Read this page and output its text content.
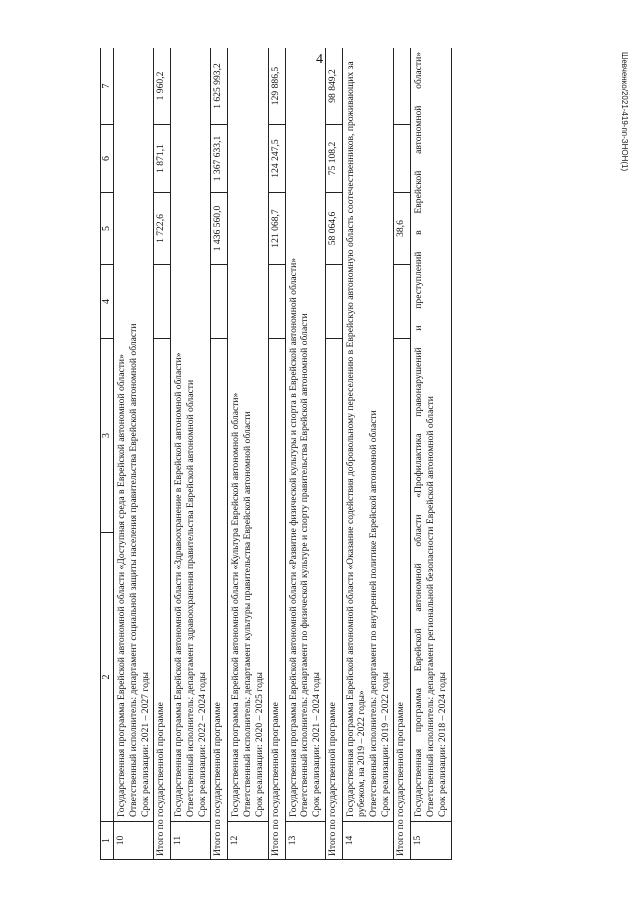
4	Шевченко/2021-419-пп-ЗНОН(1)
1	2	3	4	5	6	7
10	Государственная программа Еврейской автономной области «Доступная среда в Еврейской автономной области» Ответственный исполнитель: департамент социальной защиты населения правительства Еврейской автономной области Срок реализации: 2021 – 2027 годы					

Итого по государственной программе				1 722,6	1 871,1	1 960,2
11	Государственная программа Еврейской автономной области «Здравоохранение в Еврейской автономной области» Ответственный исполнитель: департамент здравоохранения правительства Еврейской автономной области Срок реализации: 2022 – 2024 годы					

Итого по государственной программе				1 436 560,0	1 367 633,1	1 625 993,2
12	Государственная программа Еврейской автономной области «Культура Еврейской автономной области» Ответственный исполнитель: департамент культуры правительства Еврейской автономной области Срок реализации: 2020 – 2025 годы					

Итого по государственной программе				121 068,7	124 247,5	129 886,5
13	Государственная программа Еврейской автономной области «Развитие физической культуры и спорта в Еврейской автономной области» Ответственный исполнитель: департамент по физической культуре и спорту правительства Еврейской автономной области Срок реализации: 2021 – 2024 годы					

Итого по государственной программе				58 064,6	75 108,2	98 849,2
14	Государственная программа Еврейской автономной области «Оказание содействия добровольному переселению в Еврейскую автономную область соотечественников, проживающих за рубежом, на 2019 – 2022 годы» Ответственный исполнитель: департамент по внутренней политике Еврейской автономной области Срок реализации: 2019 – 2022 годы					

Итого по государственной программе				38,6		
15	Государственная программа Еврейской автономной области «Профилактика правонарушений и преступлений в Еврейской автономной области» Ответственный исполнитель: департамент региональной безопасности Еврейской автономной области Срок реализации: 2018 – 2024 годы					
